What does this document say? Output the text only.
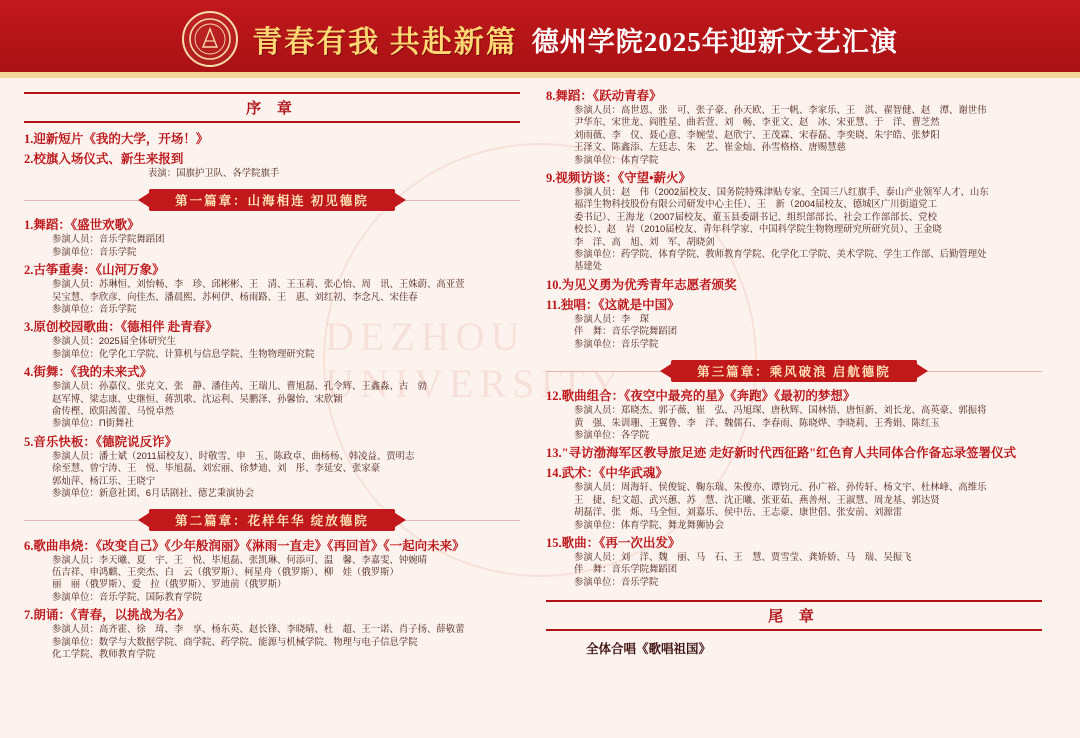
青春有我 共赴新篇 德州学院2025年迎新文艺汇演
DEZHOU UNIVERSITY
序 章
1.迎新短片《我的大学，开场！》
2.校旗入场仪式、新生来报到
表演：国旗护卫队、各学院旗手
第一篇章：山海相连 初见德院
1.舞蹈：《盛世欢歌》
参演人员：音乐学院舞蹈团
参演单位：音乐学院
2.古筝重奏：《山河万象》
参演人员：苏琳恒、刘怡畅、李　珍、邱彬彬、王　清、王玉莉、张心怡、周　讯、王姝蔚、高亚萱
吴宝慧、李欣彦、向佳杰、潘晨熙、苏柯伊、杨雨路、王　惠、刘红初、李念凡、宋佳春
参演单位：音乐学院
3.原创校园歌曲：《德相伴 赴青春》
参演人员：2025届全体研究生
参演单位：化学化工学院、计算机与信息学院、生物物理研究院
4.街舞：《我的未来式》
参演人员：孙嘉仪、张克文、张　静、潘佳芮、王瑞儿、曹旭磊、孔令辉、王鑫淼、古　勍
赵军博、梁志康、史继恒、蒋凯歌、沈运利、吴鹏泽、孙馨怡、宋欣颖
俞传樫、欧阳茜蕾、马悦卓然
参演单位：Π街舞社
5.音乐快板：《德院说反诈》
参演人员：潘士斌（2011届校友）、时敬雪、申　玉、陈政卓、曲杨杨、韩凌益、贾明志
徐至慧、曾宁涛、王　悦、毕旭磊、刘宏丽、徐梦迪、刘　彤、李延安、张家豪
郭灿萍、杨江乐、王晓宁
参演单位：新意社团、6月话剧社、德艺秉演协会
第二篇章：花样年华 绽放德院
6.歌曲串烧：《改变自己》《少年般润丽》《淋雨一直走》《再回首》《一起向未来》
参演人员：李天曦、夏　宇、王　悦、毕旭磊、张凯琳、何添可、温　馨、李嘉雯、钟婉晴
伍吉祥、申鸿麒、王奕杰、白　云（俄罗斯）、柯星舟（俄罗斯）、柳　娃（俄罗斯）
丽　丽（俄罗斯）、爱　拉（俄罗斯）、罗迪前（俄罗斯）
参演单位：音乐学院、国际教育学院
7.朗诵：《青春，以挑战为名》
参演人员：高齐霍、徐　琦、李　享、杨东英、赵长锋、李晓晴、杜　超、王一诺、肖子扬、薛敬蕾
参演单位：数学与大数据学院、商学院、药学院、能源与机械学院、物理与电子信息学院
化工学院、教师教育学院
8.舞蹈：《跃动青春》
参演人员：高世恩、张　可、张子豪、孙天欧、王一帆、李家乐、王　淇、翟智健、赵　潭、谢世伟
尹华东、宋世龙、阎胜星、曲若萱、刘　畅、李亚文、赵　冰、宋亚慧、于　洋、曹芝然
刘雨薇、李　仪、聂心意、李婉莹、赵欣宁、王茂霖、宋春磊、李奕晓、朱宇皓、张梦阳
王泽文、陈鑫添、左廷志、朱　艺、崔金灿、孙雪格格、唐赐慧慈
参演单位：体育学院
9.视频访谈：《守望•薪火》
参演人员：赵　伟（2002届校友、国务院特殊津贴专家、全国三八红旗手、泰山产业领军人才、山东
福洋生物科技股份有限公司研发中心主任）、王　新（2004届校友、德城区广川街道党工
委书记）、王海龙（2007届校友、董玉县委副书记、组织部部长、社会工作部部长、党校
校长）、赵　岩（2010届校友、青年科学家、中国科学院生物物理研究所研究员）、王金晓
李　洋、高　旭、刘　军、胡晓剑
参演单位：药学院、体育学院、教师教育学院、化学化工学院、美术学院、学生工作部、后勤管理处
基建处
10.为见义勇为优秀青年志愿者颁奖
11.独唱：《这就是中国》
参演人员：李　琛
伴　舞：音乐学院舞蹈团
参演单位：音乐学院
第三篇章：乘风破浪 启航德院
12.歌曲组合：《夜空中最亮的星》《奔跑》《最初的梦想》
参演人员：郑晓杰、郭子薇、崔　弘、冯旭琛、唐秋辉、国林悟、唐恒新、刘长龙、高英豪、郭振将
黄　强、朱训珊、王翼鲁、李　洋、魏儒石、李春雨、陈晓烨、李晓莉、王秀娟、陈红玉
参演单位：各学院
13."寻访渤海军区教导旅足迹 走好新时代西征路"红色育人共同体合作备忘录签署仪式
14.武术：《中华武魂》
参演人员：周海轩、侯俊锭、鞠东瑞、朱俊亦、谭钧元、孙广裕、孙传轩、杨文宇、杜林峰、高维乐
王　捷、纪文超、武兴蕙、苏　慧、沈正曦、张亚茹、燕善州、王淑慧、周龙基、郭达贤
胡磊洋、张　烁、马全恒、刘嘉乐、侯中岳、王志豪、康世倡、张安前、刘源雷
参演单位：体育学院、舞龙舞狮协会
15.歌曲：《再一次出发》
参演人员：刘　洋、魏　丽、马　石、王　慧、贾雪莹、龚娇娇、马　瑞、吴振飞
伴　舞：音乐学院舞蹈团
参演单位：音乐学院
尾 章
全体合唱《歌唱祖国》
